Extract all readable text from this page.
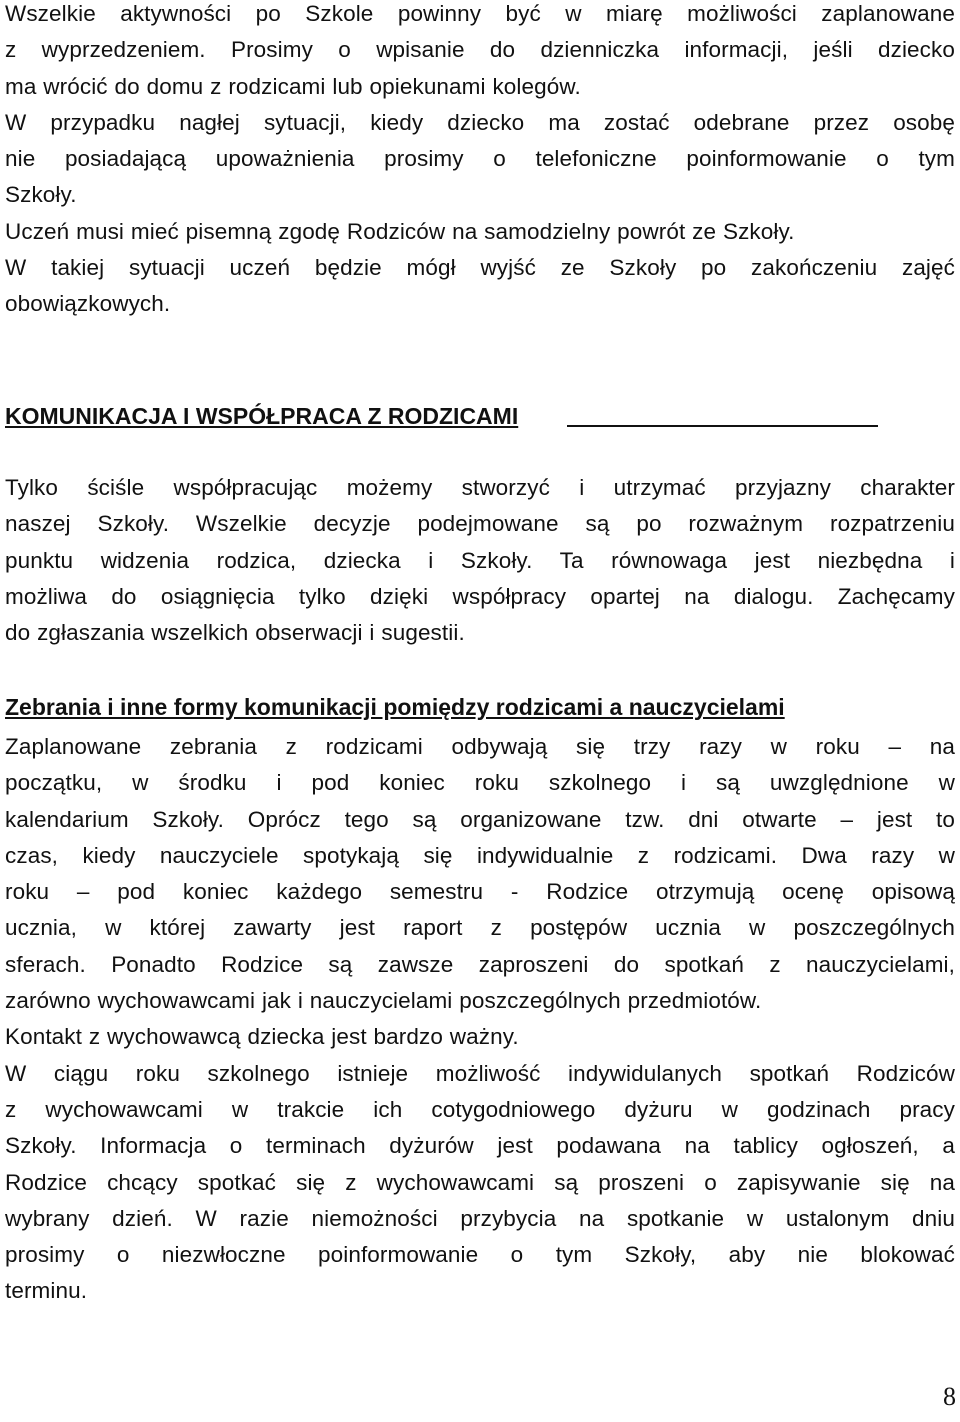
Wszelkie aktywności po Szkole powinny być w miarę możliwości zaplanowane
z wyprzedzeniem. Prosimy o wpisanie do dzienniczka informacji, jeśli dziecko
ma wrócić do domu z rodzicami lub opiekunami kolegów.
W przypadku nagłej sytuacji, kiedy dziecko ma zostać odebrane przez osobę
nie posiadającą upoważnienia prosimy o telefoniczne poinformowanie o tym
Szkoły.
Uczeń musi mieć pisemną zgodę Rodziców na samodzielny powrót ze Szkoły.
W takiej sytuacji uczeń będzie mógł wyjść ze Szkoły po zakończeniu zajęć
obowiązkowych.
KOMUNIKACJA I WSPÓŁPRACA Z RODZICAMI
Tylko ściśle współpracując możemy stworzyć i utrzymać przyjazny charakter
naszej Szkoły. Wszelkie decyzje podejmowane są po rozważnym rozpatrzeniu
punktu widzenia rodzica, dziecka i Szkoły. Ta równowaga jest niezbędna i
możliwa do osiągnięcia tylko dzięki współpracy opartej na dialogu. Zachęcamy
do zgłaszania wszelkich obserwacji i sugestii.
Zebrania i inne formy komunikacji pomiędzy rodzicami a nauczycielami
Zaplanowane zebrania z rodzicami odbywają się trzy razy w roku – na
początku, w środku i pod koniec roku szkolnego i są uwzględnione w
kalendarium Szkoły. Oprócz tego są organizowane tzw. dni otwarte – jest to
czas, kiedy nauczyciele spotykają się indywidualnie z rodzicami. Dwa razy w
roku – pod koniec każdego semestru - Rodzice otrzymują ocenę opisową
ucznia, w której zawarty jest raport z postępów ucznia w poszczególnych
sferach. Ponadto Rodzice są zawsze zaproszeni do spotkań z nauczycielami,
zarówno wychowawcami jak i nauczycielami poszczególnych przedmiotów.
Kontakt z wychowawcą dziecka jest bardzo ważny.
W ciągu roku szkolnego istnieje możliwość indywidulanych spotkań Rodziców
z wychowawcami w trakcie ich cotygodniowego dyżuru w godzinach pracy
Szkoły. Informacja o terminach dyżurów jest podawana na tablicy ogłoszeń, a
Rodzice chcący spotkać się z wychowawcami są proszeni o zapisywanie się na
wybrany dzień. W razie niemożności przybycia na spotkanie w ustalonym dniu
prosimy o niezwłoczne poinformowanie o tym Szkoły, aby nie blokować
terminu.

8
